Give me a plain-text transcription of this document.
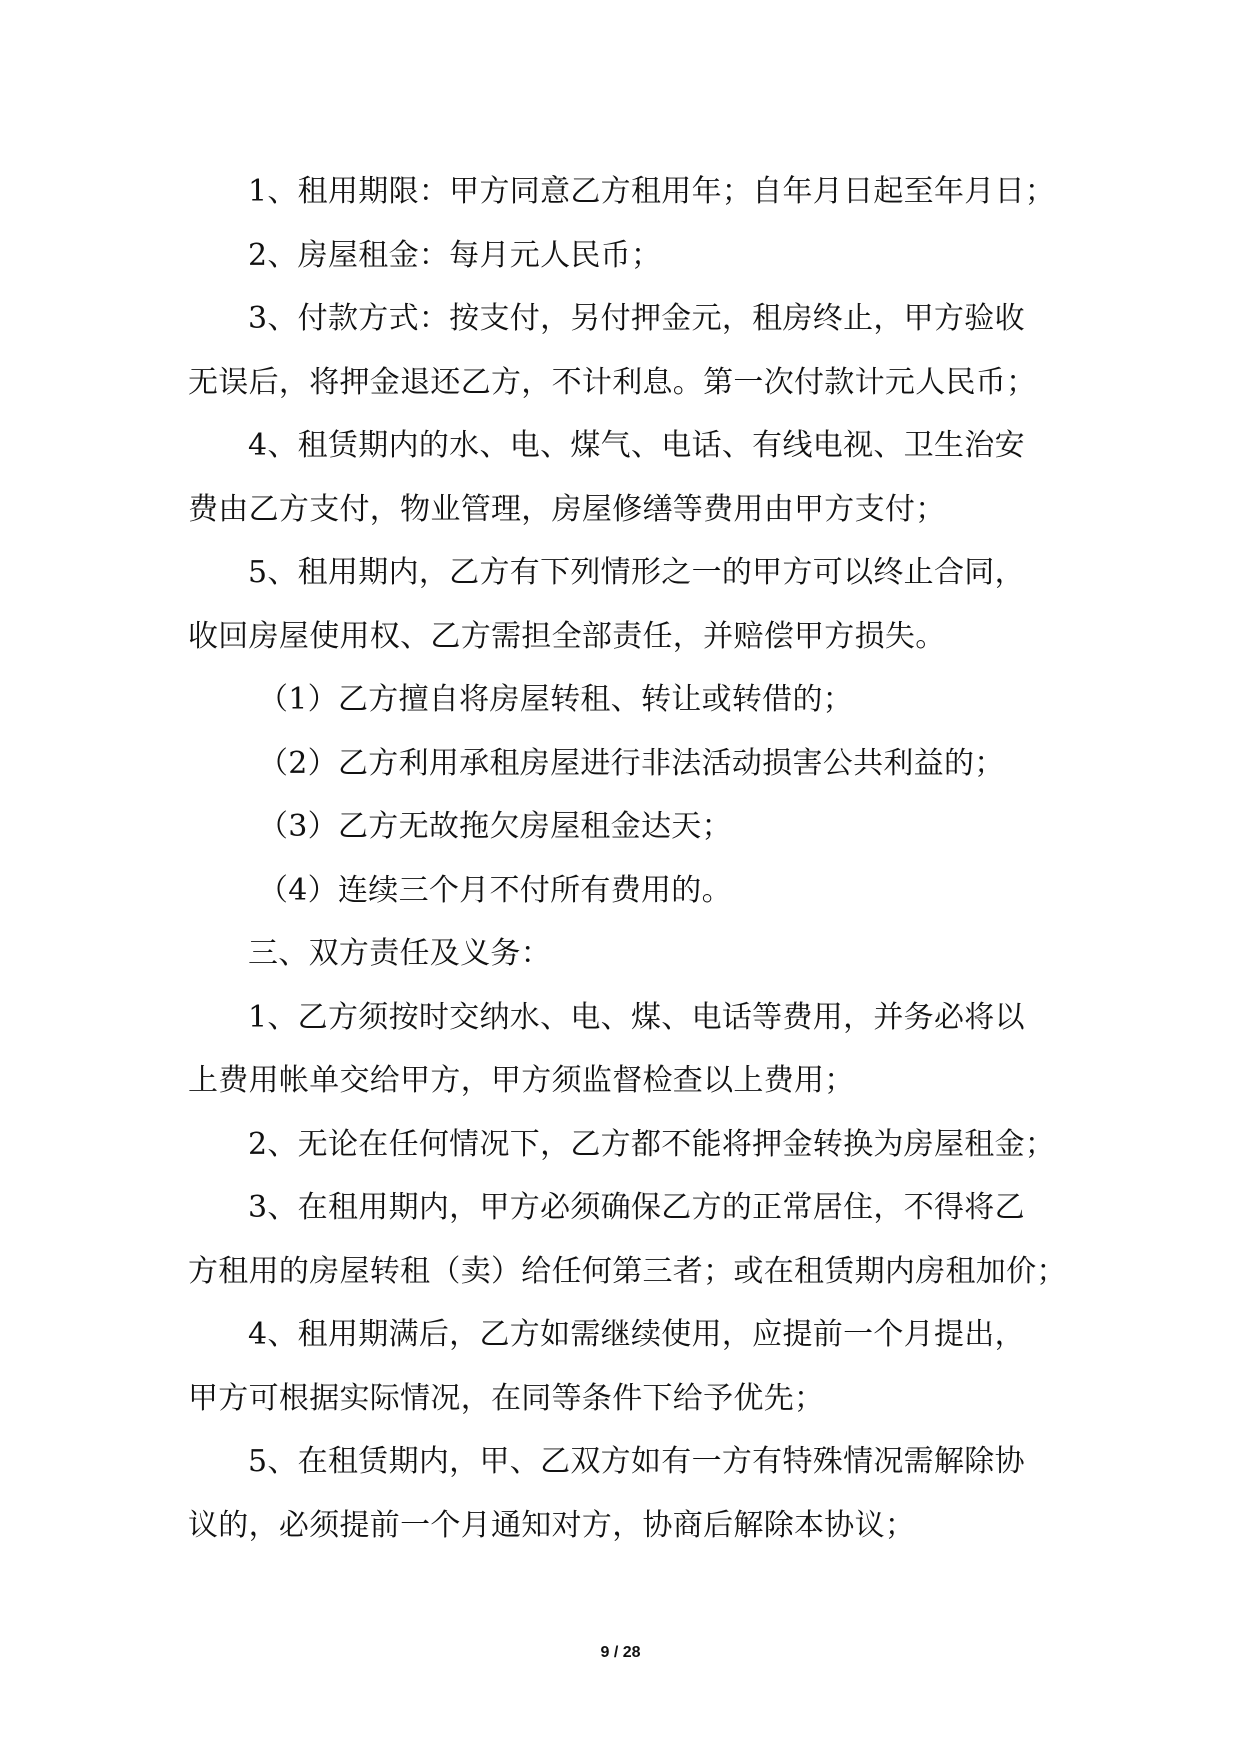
1、租用期限：甲方同意乙方租用年；自年月日起至年月日；
2、房屋租金：每月元人民币；
3、付款方式：按支付，另付押金元，租房终止，甲方验收
无误后，将押金退还乙方，不计利息。第一次付款计元人民币；
4、租赁期内的水、电、煤气、电话、有线电视、卫生治安
费由乙方支付，物业管理，房屋修缮等费用由甲方支付；
5、租用期内，乙方有下列情形之一的甲方可以终止合同，
收回房屋使用权、乙方需担全部责任，并赔偿甲方损失。
（1）乙方擅自将房屋转租、转让或转借的；
（2）乙方利用承租房屋进行非法活动损害公共利益的；
（3）乙方无故拖欠房屋租金达天；
（4）连续三个月不付所有费用的。
三、双方责任及义务：
1、乙方须按时交纳水、电、煤、电话等费用，并务必将以
上费用帐单交给甲方，甲方须监督检查以上费用；
2、无论在任何情况下，乙方都不能将押金转换为房屋租金；
3、在租用期内，甲方必须确保乙方的正常居住，不得将乙
方租用的房屋转租（卖）给任何第三者；或在租赁期内房租加价；
4、租用期满后，乙方如需继续使用，应提前一个月提出，
甲方可根据实际情况，在同等条件下给予优先；
5、在租赁期内，甲、乙双方如有一方有特殊情况需解除协
议的，必须提前一个月通知对方，协商后解除本协议；
9 / 28
